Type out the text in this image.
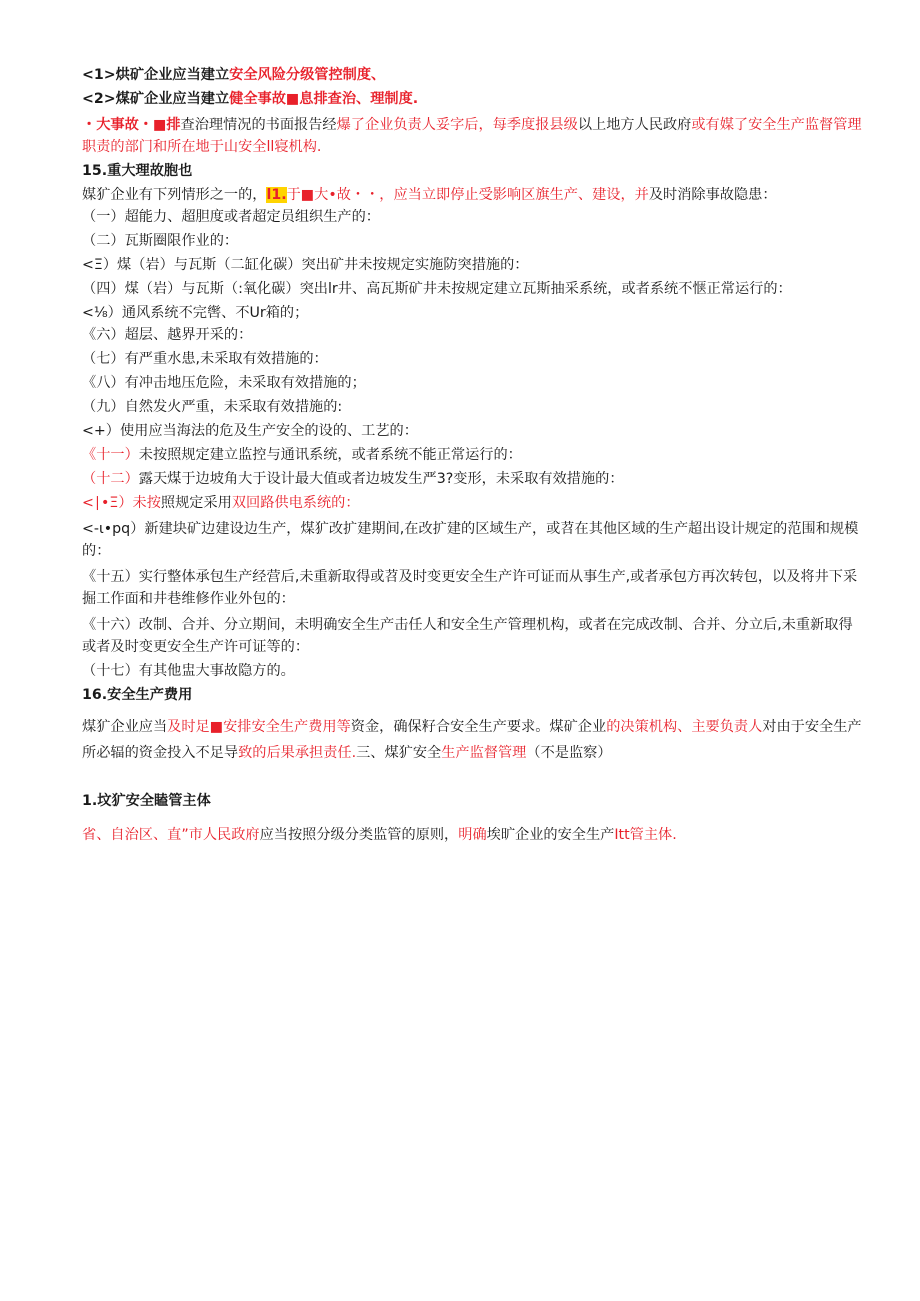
<1>烘矿企业应当建立安全风险分级管控制度、

<2>煤矿企业应当建立健全事故■息排查治、理制度.

・大事故・■排查治理情况的书面报告经爆了企业负责人妥字后，每季度报县级以上地方人民政府或有媒了安全生产监督管理职责的部门和所在地于山安全ll寝机构.

15.重大理故胞也

媒犷企业有下列情形之一的，l1.于■大•故・・，应当立即停止受影响区旗生产、建设，并及时消除事故隐患：

（一）超能力、超胆度或者超定员组织生产的：

（二）瓦斯圈限作业的：

<Ξ）煤（岩）与瓦斯（二缸化碳）突出矿井未按规定实施防突措施的：

（四）煤（岩）与瓦斯（:氧化碳）突出lr井、高瓦斯矿井未按规定建立瓦斯抽采系统，或者系统不惬正常运行的：

<⅛）通风系统不完辔、不Ur箱的；

《六）超层、越界开采的：

（七）有严重水患,未采取有效措施的：

《八）有冲击地压危险，未采取有效措施的；

（九）自然发火严重，未采取有效措施的:

<+）使用应当海法的危及生产安全的设的、工艺的：

《十一）未按照规定建立监控与通讯系统，或者系统不能正常运行的：

（十二）露天煤于边坡角大于设计最大值或者边坡发生严3?变形，未采取有效措施的：

<∣•Ξ）未按照规定采用双回路供电系统的：

<-ι•pq）新建块矿边建设边生产，煤犷改扩建期间,在改扩建的区域生产，或苕在其他区域的生产超出设计规定的范围和规模的：

《十五）实行整体承包生产经营后,未重新取得或苕及时变更安全生产许可证而从事生产,或者承包方再次转包，以及将井下采掘工作面和井巷维修作业外包的：

《十六）改制、合并、分立期间，未明确安全生产击任人和安全生产管理机构，或者在完成改制、合并、分立后,未重新取得或者及时变更安全生产许可证等的：

（十七）有其他盅大事故隐方的。

16.安全生产费用

煤犷企业应当及时足■安排安全生产费用等资金，确保籽合安全生产要求。煤矿企业的决策机构、主要负责人对由于安全生产所必辐的资金投入不足导致的后果承担责任.三、煤犷安全生产监督管理（不是监察）

1.坟犷安全瞌管主体

省、自治区、直”市人民政府应当按照分级分类监管的原则，明确埃旷企业的安全生产Itt管主体.
